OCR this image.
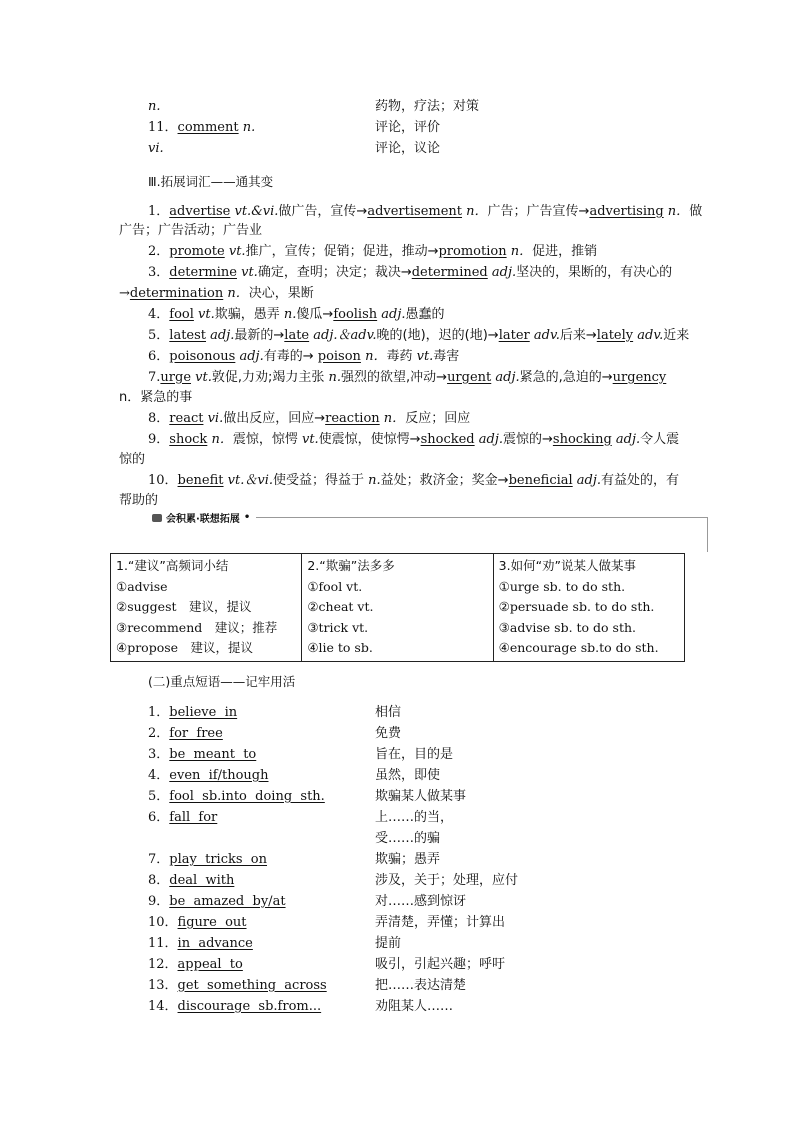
n.	药物，疗法；对策
11．comment n.	评论，评价
vi.	评论，议论
Ⅲ.拓展词汇——通其变
1．advertise vt.&vi.做广告，宣传→advertisement n．广告；广告宣传→advertising n．做
广告；广告活动；广告业
2．promote vt.推广，宣传；促销；促进，推动→promotion n．促进，推销
3．determine vt.确定，查明；决定；裁决→determined adj.坚决的，果断的，有决心的
→determination n．决心，果断
4．fool vt.欺骗，愚弄 n.傻瓜→foolish adj.愚蠢的
5．latest adj.最新的→late adj.＆adv.晚的(地)，迟的(地)→later adv.后来→lately adv.近来
6．poisonous adj.有毒的→ poison n．毒药 vt.毒害
7.urge vt.敦促,力劝;竭力主张 n.强烈的欲望,冲动→urgent adj.紧急的,急迫的→urgency
n．紧急的事
8．react vi.做出反应，回应→reaction n．反应；回应
9．shock n．震惊，惊愕 vt.使震惊，使惊愕→shocked adj.震惊的→shocking adj.令人震
惊的
10．benefit vt.＆vi.使受益；得益于 n.益处；救济金；奖金→beneficial adj.有益处的，有
帮助的
会积累·联想拓展 •
1.“建议”高频词小结
①advise
②suggest　建议，提议
③recommend　建议；推荐
④propose　建议，提议

2.“欺骗”法多多
①fool vt.
②cheat vt.
③trick vt.
④lie to sb.

3.如何“劝”说某人做某事
①urge sb. to do sth.
②persuade sb. to do sth.
③advise sb. to do sth.
④encourage sb.to do sth.
(二)重点短语——记牢用活
1．believe  in	相信
2．for  free	免费
3．be  meant  to	旨在，目的是
4．even  if/though	虽然，即使
5．fool  sb.into  doing  sth.	欺骗某人做某事
6．fall  for	上……的当，
受……的骗
7．play  tricks  on	欺骗；愚弄
8．deal  with	涉及，关于；处理，应付
9．be  amazed  by/at	对……感到惊讶
10．figure  out	弄清楚，弄懂；计算出
11．in  advance	提前
12．appeal  to	吸引，引起兴趣；呼吁
13．get  something  across	把……表达清楚
14．discourage  sb.from...	劝阻某人……
